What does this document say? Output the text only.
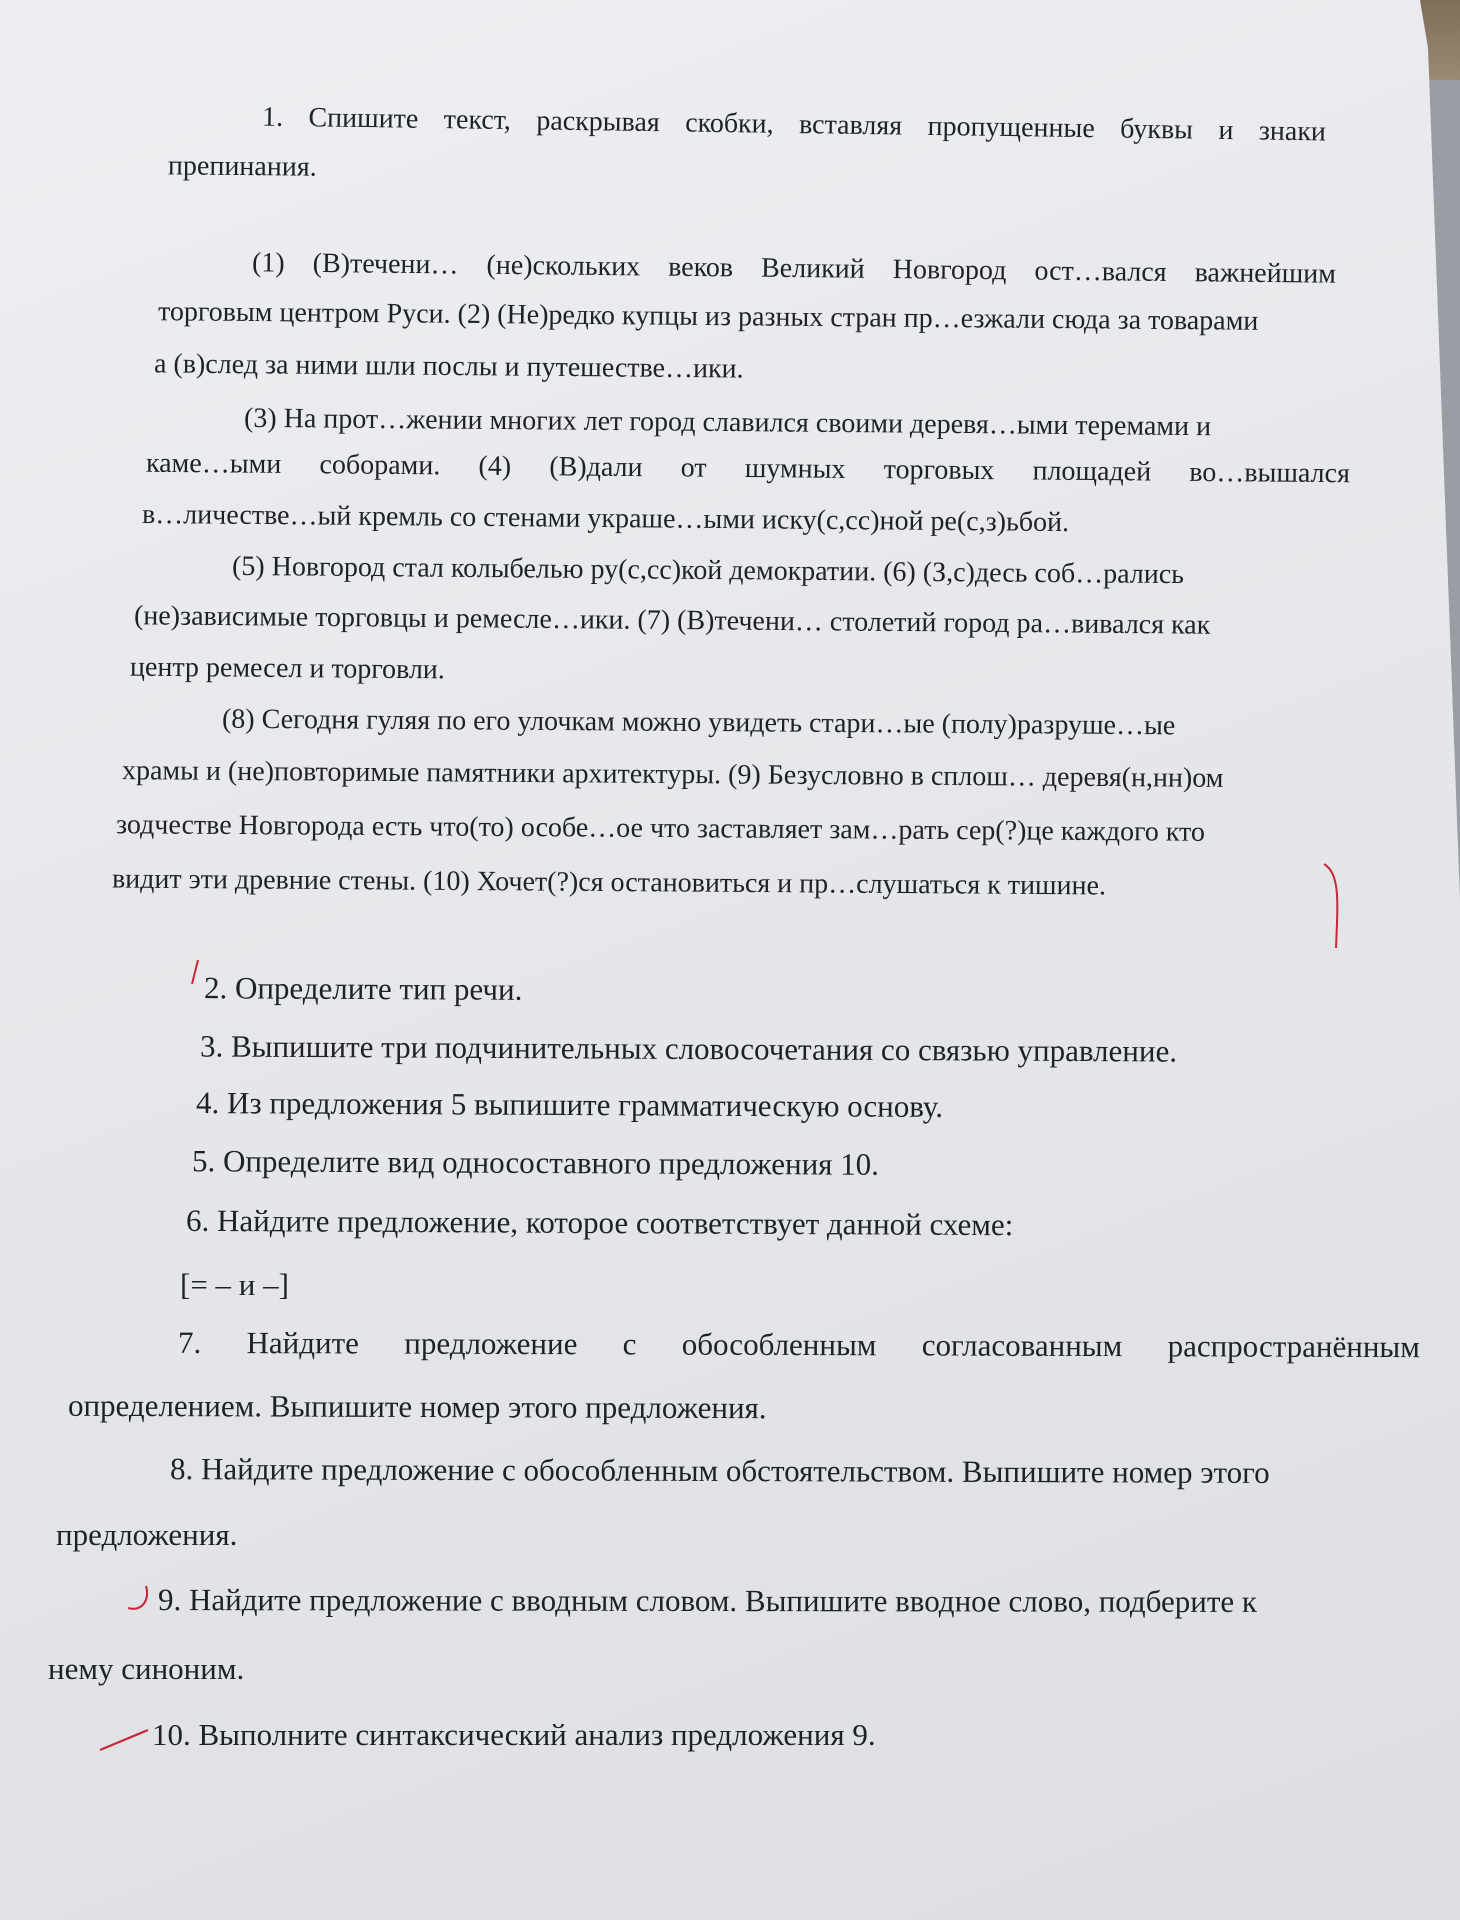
1. Спишите текст, раскрывая скобки, вставляя пропущенные буквы и знаки
препинания.
(1) (В)течени… (не)скольких веков Великий Новгород ост…вался важнейшим
торговым центром Руси. (2) (Не)редко купцы из разных стран пр…езжали сюда за товарами
а (в)след за ними шли послы и путешестве…ики.
(3) На прот…жении многих лет город славился своими деревя…ыми теремами и
каме…ыми соборами. (4) (В)дали от шумных торговых площадей во…вышался
в…личестве…ый кремль со стенами украше…ыми иску(с,сс)ной ре(с,з)ьбой.
(5) Новгород стал колыбелью ру(с,сс)кой демократии. (6) (З,с)десь соб…рались
(не)зависимые торговцы и ремесле…ики. (7) (В)течени… столетий город ра…вивался как
центр ремесел и торговли.
(8) Сегодня гуляя по его улочкам можно увидеть стари…ые (полу)разруше…ые
храмы и (не)повторимые памятники архитектуры. (9) Безусловно в сплош… деревя(н,нн)ом
зодчестве Новгорода есть что(то) особе…ое что заставляет зам…рать сер(?)це каждого кто
видит эти древние стены. (10) Хочет(?)ся остановиться и пр…слушаться к тишине.
2. Определите тип речи.
3. Выпишите три подчинительных словосочетания со связью управление.
4. Из предложения 5 выпишите грамматическую основу.
5. Определите вид односоставного предложения 10.
6. Найдите предложение, которое соответствует данной схеме:
[= – и –]
7. Найдите предложение с обособленным согласованным распространённым
определением. Выпишите номер этого предложения.
8. Найдите предложение с обособленным обстоятельством. Выпишите номер этого
предложения.
9. Найдите предложение с вводным словом. Выпишите вводное слово, подберите к
нему синоним.
10. Выполните синтаксический анализ предложения 9.
